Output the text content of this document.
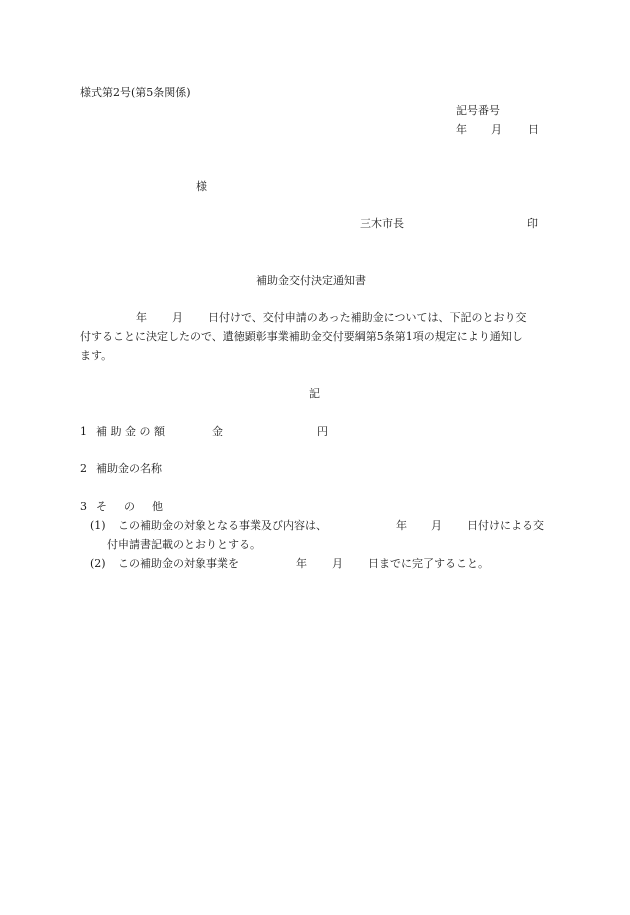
様式第2号(第5条関係)
記号番号
年 月 日
様
三木市長	印
補助金交付決定通知書
年 月 日付けで、交付申請のあった補助金については、下記のとおり交
付することに決定したので、遺徳顕彰事業補助金交付要綱第5条第1項の規定により通知し
ます。
記
1 補 助 金 の 額	金	円
2 補助金の名称
3 そ の 他
(1) この補助金の対象となる事業及び内容は、	年 月 日付けによる交
付申請書記載のとおりとする。
(2) この補助金の対象事業を	年 月 日までに完了すること。
